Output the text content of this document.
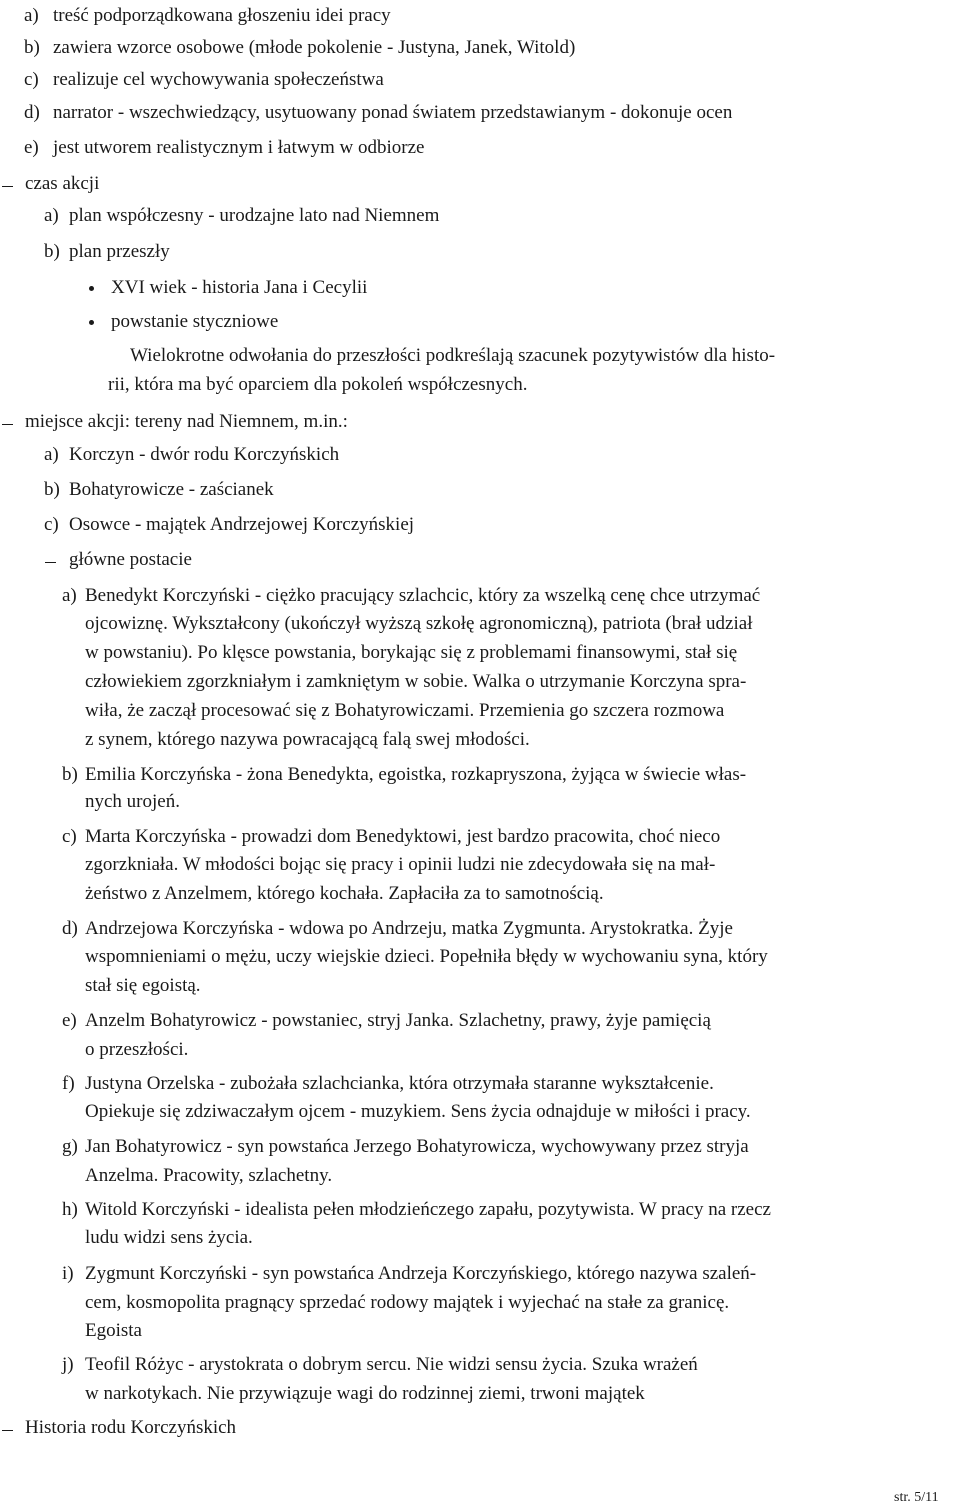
a) treść podporządkowana głoszeniu idei pracy
b) zawiera wzorce osobowe (młode pokolenie - Justyna, Janek, Witold)
c) realizuje cel wychowywania społeczeństwa
d) narrator - wszechwiedzący, usytuowany ponad światem przedstawianym - dokonuje ocen
e) jest utworem realistycznym i łatwym w odbiorze
czas akcji
a) plan współczesny - urodzajne lato nad Niemnem
b) plan przeszły
XVI wiek - historia Jana i Cecylii
powstanie styczniowe
Wielokrotne odwołania do przeszłości podkreślają szacunek pozytywistów dla histo-
rii, która ma być oparciem dla pokoleń współczesnych.
miejsce akcji: tereny nad Niemnem, m.in.:
a) Korczyn - dwór rodu Korczyńskich
b) Bohatyrowicze - zaścianek
c) Osowce - majątek Andrzejowej Korczyńskiej
główne postacie
a) Benedykt Korczyński - ciężko pracujący szlachcic, który za wszelką cenę chce utrzymać
ojcowiznę. Wykształcony (ukończył wyższą szkołę agronomiczną), patriota (brał udział
w powstaniu). Po klęsce powstania, borykając się z problemami finansowymi, stał się
człowiekiem zgorzkniałym i zamkniętym w sobie. Walka o utrzymanie Korczyna spra-
wiła, że zaczął procesować się z Bohatyrowiczami. Przemienia go szczera rozmowa
z synem, którego nazywa powracającą falą swej młodości.
b) Emilia Korczyńska - żona Benedykta, egoistka, rozkapryszona, żyjąca w świecie włas-
nych urojeń.
c) Marta Korczyńska - prowadzi dom Benedyktowi, jest bardzo pracowita, choć nieco
zgorzkniała. W młodości bojąc się pracy i opinii ludzi nie zdecydowała się na mał-
żeństwo z Anzelmem, którego kochała. Zapłaciła za to samotnością.
d) Andrzejowa Korczyńska - wdowa po Andrzeju, matka Zygmunta. Arystokratka. Żyje
wspomnieniami o mężu, uczy wiejskie dzieci. Popełniła błędy w wychowaniu syna, który
stał się egoistą.
e) Anzelm Bohatyrowicz - powstaniec, stryj Janka. Szlachetny, prawy, żyje pamięcią
o przeszłości.
f) Justyna Orzelska - zubożała szlachcianka, która otrzymała staranne wykształcenie.
Opiekuje się zdziwaczałym ojcem - muzykiem. Sens życia odnajduje w miłości i pracy.
g) Jan Bohatyrowicz - syn powstańca Jerzego Bohatyrowicza, wychowywany przez stryja
Anzelma. Pracowity, szlachetny.
h) Witold Korczyński - idealista pełen młodzieńczego zapału, pozytywista. W pracy na rzecz
ludu widzi sens życia.
i) Zygmunt Korczyński - syn powstańca Andrzeja Korczyńskiego, którego nazywa szaleń-
cem, kosmopolita pragnący sprzedać rodowy majątek i wyjechać na stałe za granicę.
Egoista
j) Teofil Różyc - arystokrata o dobrym sercu. Nie widzi sensu życia. Szuka wrażeń
w narkotykach. Nie przywiązuje wagi do rodzinnej ziemi, trwoni majątek
Historia rodu Korczyńskich
str. 5/11
